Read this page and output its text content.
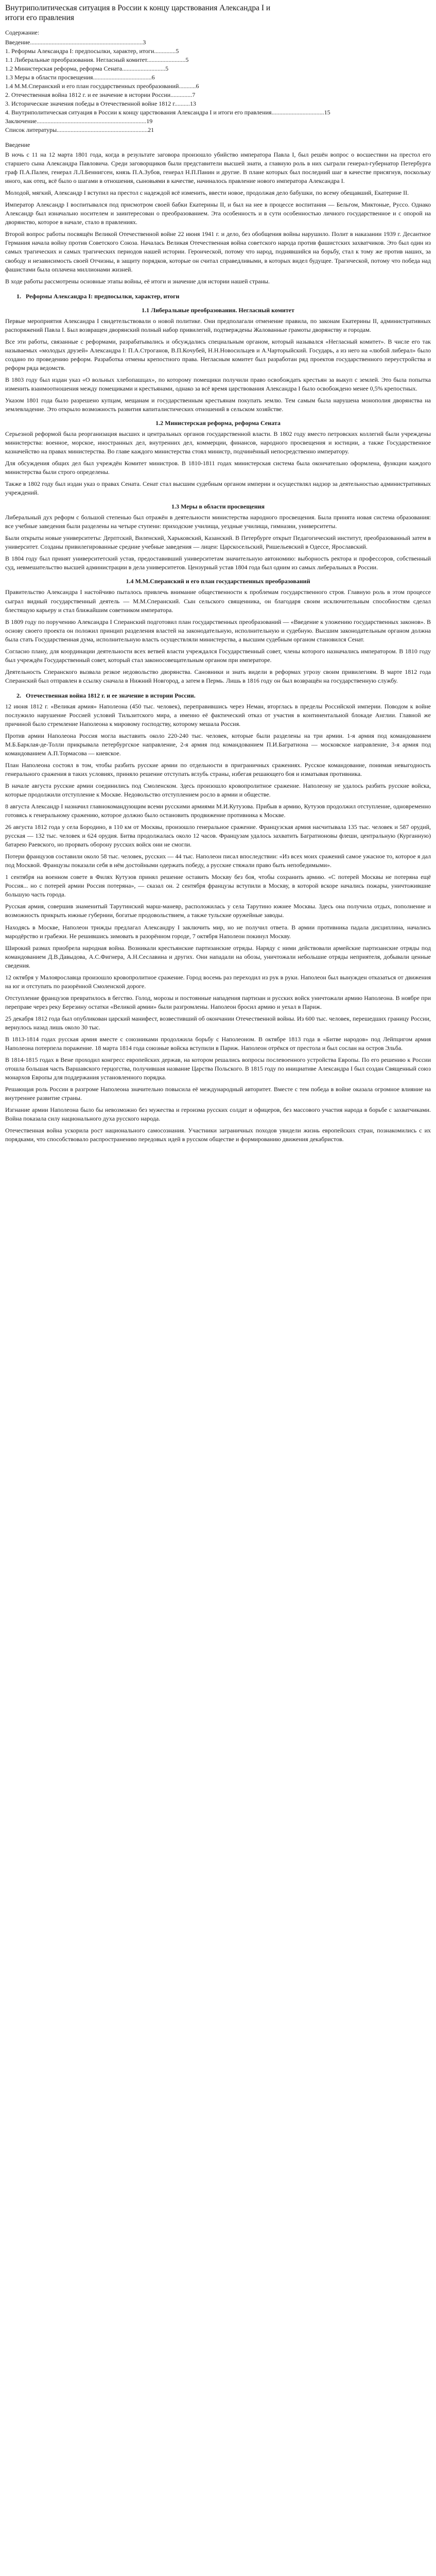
Внутриполитическая ситуация в России к концу царствования Александра I и итоги его правления
Содержание:
Введение.........................................................................3
1. Реформы Александра I: предпосылки, характер, итоги..............5
1.1 Либеральные преобразования. Негласный комитет.........................5
1.2 Министерская реформа, реформа Сената............................5
1.3 Меры в области просвещения......................................6
1.4 М.М.Сперанский и его план государственных преобразований...........6
2. Отечественная война 1812 г. и ее значение в истории России..............7
3. Исторические значения победы в Отечественной войне 1812 г..........13
4. Внутриполитическая ситуация в России к концу царствования Александра I и итоги его правления..................................15
Заключение.......................................................................19
Список литературы...........................................................21
Введение

В ночь с 11 на 12 марта 1801 года, когда в результате заговора произошло убийство императора Павла I, был решён вопрос о восшествии на престол его старшего сына Александра Павловича. Среди заговорщиков были представители высшей знати, а главную роль в них сыграли генерал-губернатор Петербурга граф П.А.Пален, генерал Л.Л.Беннигсен, князь П.А.Зубов, генерал Н.П.Панин и другие. В плане которых был последний шаг в качестве присягнув, поскольку иного, как отец, всё было о шагами в отношения, сыновьями в качестве, начиналось правление нового императора Александра I.

Молодой, мягкий, Александр I вступил на престол с надеждой всё изменить, ввести новое, продолжая дело бабушки, по всему обещавший, Екатерине II.

Император Александр I воспитывался под присмотром своей бабки Екатерины II, и был на нее в процессе воспитания — Бельгом, Миктоные, Руссо. Однако Александр был изначально носителем и заинтересован о преобразованием. Эта особенность и в сути особенностью личного государственное и с опорой на дворянство, которое в начале, стало в правлениях.

Второй вопрос работы посвящён Великой Отечественной войне 22 июня 1941 г. и дело, без обобщения войны нарушило. Полит в наказании 1939 г. Десантное Германия начала войну против Советского Союза. Началась Великая Отечественная война советского народа против фашистских захватчиков. Это был один из самых трагических и самых трагических периодов нашей истории. Героической, потому что народ, поднявшийся на борьбу, стал к тому же против наших, за свободу и независимость своей Отчизны, в защиту порядков, которые он считал справедливыми, в которых видел будущее. Трагической, потому что победа над фашистами была оплачена миллионами жизней.

В ходе работы рассмотрены основные этапы войны, её итоги и значение для истории нашей страны.

1. Реформы Александра I: предпосылки, характер, итоги
1.1 Либеральные преобразования. Негласный комитет

Первые мероприятия Александра I свидетельствовали о новой политике. Они предполагали отменение правила, по законам Екатерины II, административных распоряжений Павла I. Был возвращен дворянский полный набор привилегий, подтверждены Жалованные грамоты дворянству и городам.

Все эти работы, связанные с реформами, разрабатывались и обсуждались специальным органом, который назывался «Негласный комитет». В числе его так называемых «молодых друзей» Александра I: П.А.Строганов, В.П.Кочубей, Н.Н.Новосильцев и А.Чарторыйский. Государь, а из него на «любой либерал» было создано по проведению реформ. Разработка отмены крепостного права. Негласным комитет был разработан ряд проектов государственного переустройства и реформ ряда ведомств.

В 1803 году был издан указ «О вольных хлебопашцах», по которому помещики получили право освобождать крестьян за выкуп с землей. Это была попытка изменить взаимоотношения между помещиками и крестьянами, однако за всё время царствования Александра I было освобождено менее 0,5% крепостных.

Указом 1801 года было разрешено купцам, мещанам и государственным крестьянам покупать землю. Тем самым была нарушена монополия дворянства на землевладение. Это открыло возможность развития капиталистических отношений в сельском хозяйстве.

1.2 Министерская реформа, реформа Сената

Серьезной реформой была реорганизация высших и центральных органов государственной власти. В 1802 году вместо петровских коллегий были учреждены министерства: военное, морское, иностранных дел, внутренних дел, коммерции, финансов, народного просвещения и юстиции, а также Государственное казначейство на правах министерства. Во главе каждого министерства стоял министр, подчинённый непосредственно императору.

Для обсуждения общих дел был учреждён Комитет министров. В 1810-1811 годах министерская система была окончательно оформлена, функции каждого министерства были строго определены.

Также в 1802 году был издан указ о правах Сената. Сенат стал высшим судебным органом империи и осуществлял надзор за деятельностью административных учреждений.

1.3 Меры в области просвещения

Либеральный дух реформ с большой степенью был отражён в деятельности министерства народного просвещения. Была принята новая система образования: все учебные заведения были разделены на четыре ступени: приходские училища, уездные училища, гимназии, университеты.

Были открыты новые университеты: Дерптский, Виленский, Харьковский, Казанский. В Петербурге открыт Педагогический институт, преобразованный затем в университет. Созданы привилегированные средние учебные заведения — лицеи: Царскосельский, Ришельевский в Одессе, Ярославский.

В 1804 году был принят университетский устав, предоставивший университетам значительную автономию: выборность ректора и профессоров, собственный суд, невмешательство высшей администрации в дела университетов. Цензурный устав 1804 года был одним из самых либеральных в России.

1.4 М.М.Сперанский и его план государственных преобразований

Правительство Александра I настойчиво пыталось привлечь внимание общественности к проблемам государственного строя. Главную роль в этом процессе сыграл видный государственный деятель — М.М.Сперанский. Сын сельского священника, он благодаря своим исключительным способностям сделал блестящую карьеру и стал ближайшим советником императора.

В 1809 году по поручению Александра I Сперанский подготовил план государственных преобразований — «Введение к уложению государственных законов». В основу своего проекта он положил принцип разделения властей на законодательную, исполнительную и судебную. Высшим законодательным органом должна была стать Государственная дума, исполнительную власть осуществляли министерства, а высшим судебным органом становился Сенат.

Согласно плану, для координации деятельности всех ветвей власти учреждался Государственный совет, члены которого назначались императором. В 1810 году был учреждён Государственный совет, который стал законосовещательным органом при императоре.

Деятельность Сперанского вызвала резкое недовольство дворянства. Сановники и знать видели в реформах угрозу своим привилегиям. В марте 1812 года Сперанский был отправлен в ссылку сначала в Нижний Новгород, а затем в Пермь. Лишь в 1816 году он был возвращён на государственную службу.

2. Отечественная война 1812 г. и ее значение в истории России.

12 июня 1812 г. «Великая армия» Наполеона (450 тыс. человек), переправившись через Неман, вторглась в пределы Российской империи. Поводом к войне послужило нарушение Россией условий Тильзитского мира, а именно её фактический отказ от участия в континентальной блокаде Англии. Главной же причиной было стремление Наполеона к мировому господству, которому мешала Россия.

Против армии Наполеона Россия могла выставить около 220-240 тыс. человек, которые были разделены на три армии. 1-я армия под командованием М.Б.Барклая-де-Толли прикрывала петербургское направление, 2-я армия под командованием П.И.Багратиона — московское направление, 3-я армия под командованием А.П.Тормасова — киевское.

План Наполеона состоял в том, чтобы разбить русские армии по отдельности в приграничных сражениях. Русское командование, понимая невыгодность генерального сражения в таких условиях, приняло решение отступать вглубь страны, избегая решающего боя и изматывая противника.

В начале августа русские армии соединились под Смоленском. Здесь произошло кровопролитное сражение. Наполеону не удалось разбить русские войска, которые продолжили отступление к Москве. Недовольство отступлением росло в армии и обществе.

8 августа Александр I назначил главнокомандующим всеми русскими армиями М.И.Кутузова. Прибыв в армию, Кутузов продолжил отступление, одновременно готовясь к генеральному сражению, которое должно было остановить продвижение противника к Москве.

26 августа 1812 года у села Бородино, в 110 км от Москвы, произошло генеральное сражение. Французская армия насчитывала 135 тыс. человек и 587 орудий, русская — 132 тыс. человек и 624 орудия. Битва продолжалась около 12 часов. Французам удалось захватить Багратионовы флеши, центральную (Курганную) батарею Раевского, но прорвать оборону русских войск они не смогли.

Потери французов составили около 58 тыс. человек, русских — 44 тыс. Наполеон писал впоследствии: «Из всех моих сражений самое ужасное то, которое я дал под Москвой. Французы показали себя в нём достойными одержать победу, а русские стяжали право быть непобедимыми».

1 сентября на военном совете в Филях Кутузов принял решение оставить Москву без боя, чтобы сохранить армию. «С потерей Москвы не потеряна ещё Россия... но с потерей армии Россия потеряна», — сказал он. 2 сентября французы вступили в Москву, в которой вскоре начались пожары, уничтожившие большую часть города.

Русская армия, совершив знаменитый Тарутинский марш-маневр, расположилась у села Тарутино южнее Москвы. Здесь она получила отдых, пополнение и возможность прикрыть южные губернии, богатые продовольствием, а также тульские оружейные заводы.

Находясь в Москве, Наполеон трижды предлагал Александру I заключить мир, но не получил ответа. В армии противника падала дисциплина, начались мародёрство и грабежи. Не решившись зимовать в разорённом городе, 7 октября Наполеон покинул Москву.

Широкий размах приобрела народная война. Возникали крестьянские партизанские отряды. Наряду с ними действовали армейские партизанские отряды под командованием Д.В.Давыдова, А.С.Фигнера, А.Н.Сеславина и других. Они нападали на обозы, уничтожали небольшие отряды неприятеля, добывали ценные сведения.

12 октября у Малоярославца произошло кровопролитное сражение. Город восемь раз переходил из рук в руки. Наполеон был вынужден отказаться от движения на юг и отступать по разорённой Смоленской дороге.

Отступление французов превратилось в бегство. Голод, морозы и постоянные нападения партизан и русских войск уничтожали армию Наполеона. В ноябре при переправе через реку Березину остатки «Великой армии» были разгромлены. Наполеон бросил армию и уехал в Париж.

25 декабря 1812 года был опубликован царский манифест, возвестивший об окончании Отечественной войны. Из 600 тыс. человек, перешедших границу России, вернулось назад лишь около 30 тыс.

В 1813-1814 годах русская армия вместе с союзниками продолжила борьбу с Наполеоном. В октябре 1813 года в «Битве народов» под Лейпцигом армия Наполеона потерпела поражение. 18 марта 1814 года союзные войска вступили в Париж. Наполеон отрёкся от престола и был сослан на остров Эльба.

В 1814-1815 годах в Вене проходил конгресс европейских держав, на котором решались вопросы послевоенного устройства Европы. По его решению к России отошла большая часть Варшавского герцогства, получившая название Царства Польского. В 1815 году по инициативе Александра I был создан Священный союз монархов Европы для поддержания установленного порядка.

Решающая роль России в разгроме Наполеона значительно повысила её международный авторитет. Вместе с тем победа в войне оказала огромное влияние на внутреннее развитие страны.

Изгнание армии Наполеона было бы невозможно без мужества и героизма русских солдат и офицеров, без массового участия народа в борьбе с захватчиками. Война показала силу национального духа русского народа.

Отечественная война ускорила рост национального самосознания. Участники заграничных походов увидели жизнь европейских стран, познакомились с их порядками, что способствовало распространению передовых идей в русском обществе и формированию движения декабристов.
